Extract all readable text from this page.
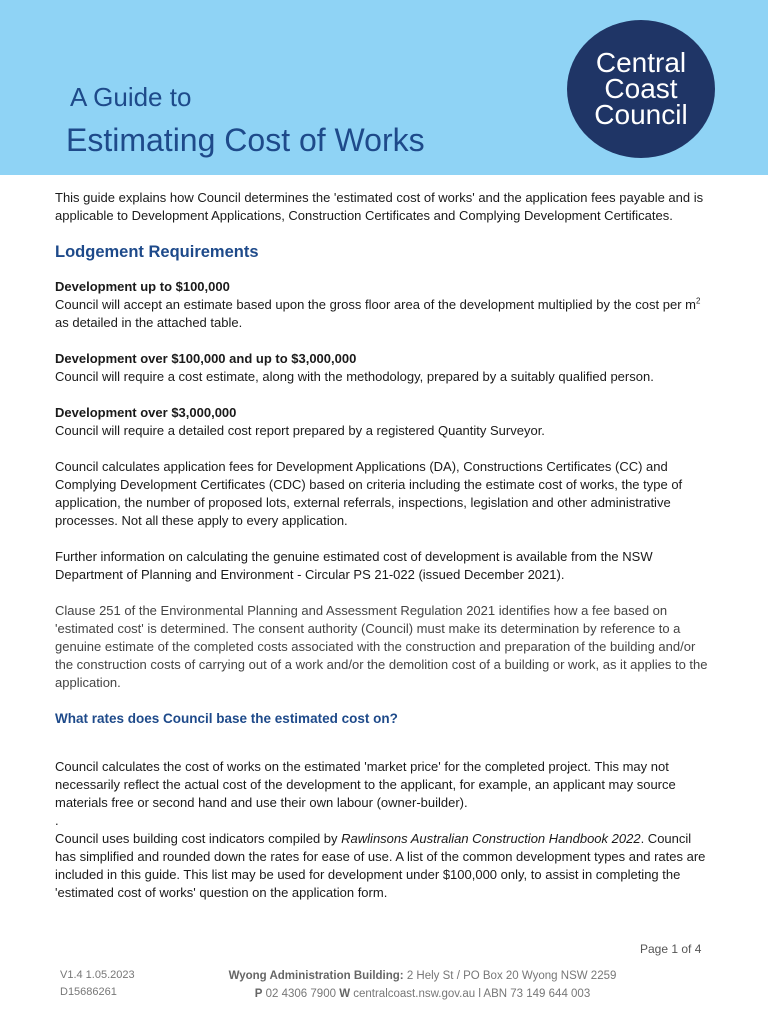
A Guide to
Estimating Cost of Works
Central
Coast
Council

This guide explains how Council determines the 'estimated cost of works' and the application fees payable and is applicable to Development Applications, Construction Certificates and Complying Development Certificates.

Lodgement Requirements

Development up to $100,000

Council will accept an estimate based upon the gross floor area of the development multiplied by the cost per $m^2$ as detailed in the attached table.

Development over $100,000 and up to $3,000,000

Council will require a cost estimate, along with the methodology, prepared by a suitably qualified person.

Development over $3,000,000

Council will require a detailed cost report prepared by a registered Quantity Surveyor.

Council calculates application fees for Development Applications (DA), Constructions Certificates (CC) and Complying Development Certificates (CDC) based on criteria including the estimate cost of works, the type of application, the number of proposed lots, external referrals, inspections, legislation and other administrative processes. Not all these apply to every application.

Further information on calculating the genuine estimated cost of development is available from the NSW Department of Planning and Environment - Circular PS 21-022 (issued December 2021).

Clause 251 of the Environmental Planning and Assessment Regulation 2021 identifies how a fee based on 'estimated cost' is determined. The consent authority (Council) must make its determination by reference to a genuine estimate of the completed costs associated with the construction and preparation of the building and/or the construction costs of carrying out of a work and/or the demolition cost of a building or work, as it applies to the application.

What rates does Council base the estimated cost on?

Council calculates the cost of works on the estimated 'market price' for the completed project. This may not necessarily reflect the actual cost of the development to the applicant, for example, an applicant may source materials free or second hand and use their own labour (owner-builder).

.

Council uses building cost indicators compiled by Rawlinsons Australian Construction Handbook 2022. Council has simplified and rounded down the rates for ease of use. A list of the common development types and rates are included in this guide. This list may be used for development under $100,000 only, to assist in completing the 'estimated cost of works' question on the application form.

Page 1 of 4
V1.4 1.05.2023
D15686261
Wyong Administration Building: 2 Hely St / PO Box 20 Wyong NSW 2259
P 02 4306 7900 W centralcoast.nsw.gov.au l ABN 73 149 644 003
